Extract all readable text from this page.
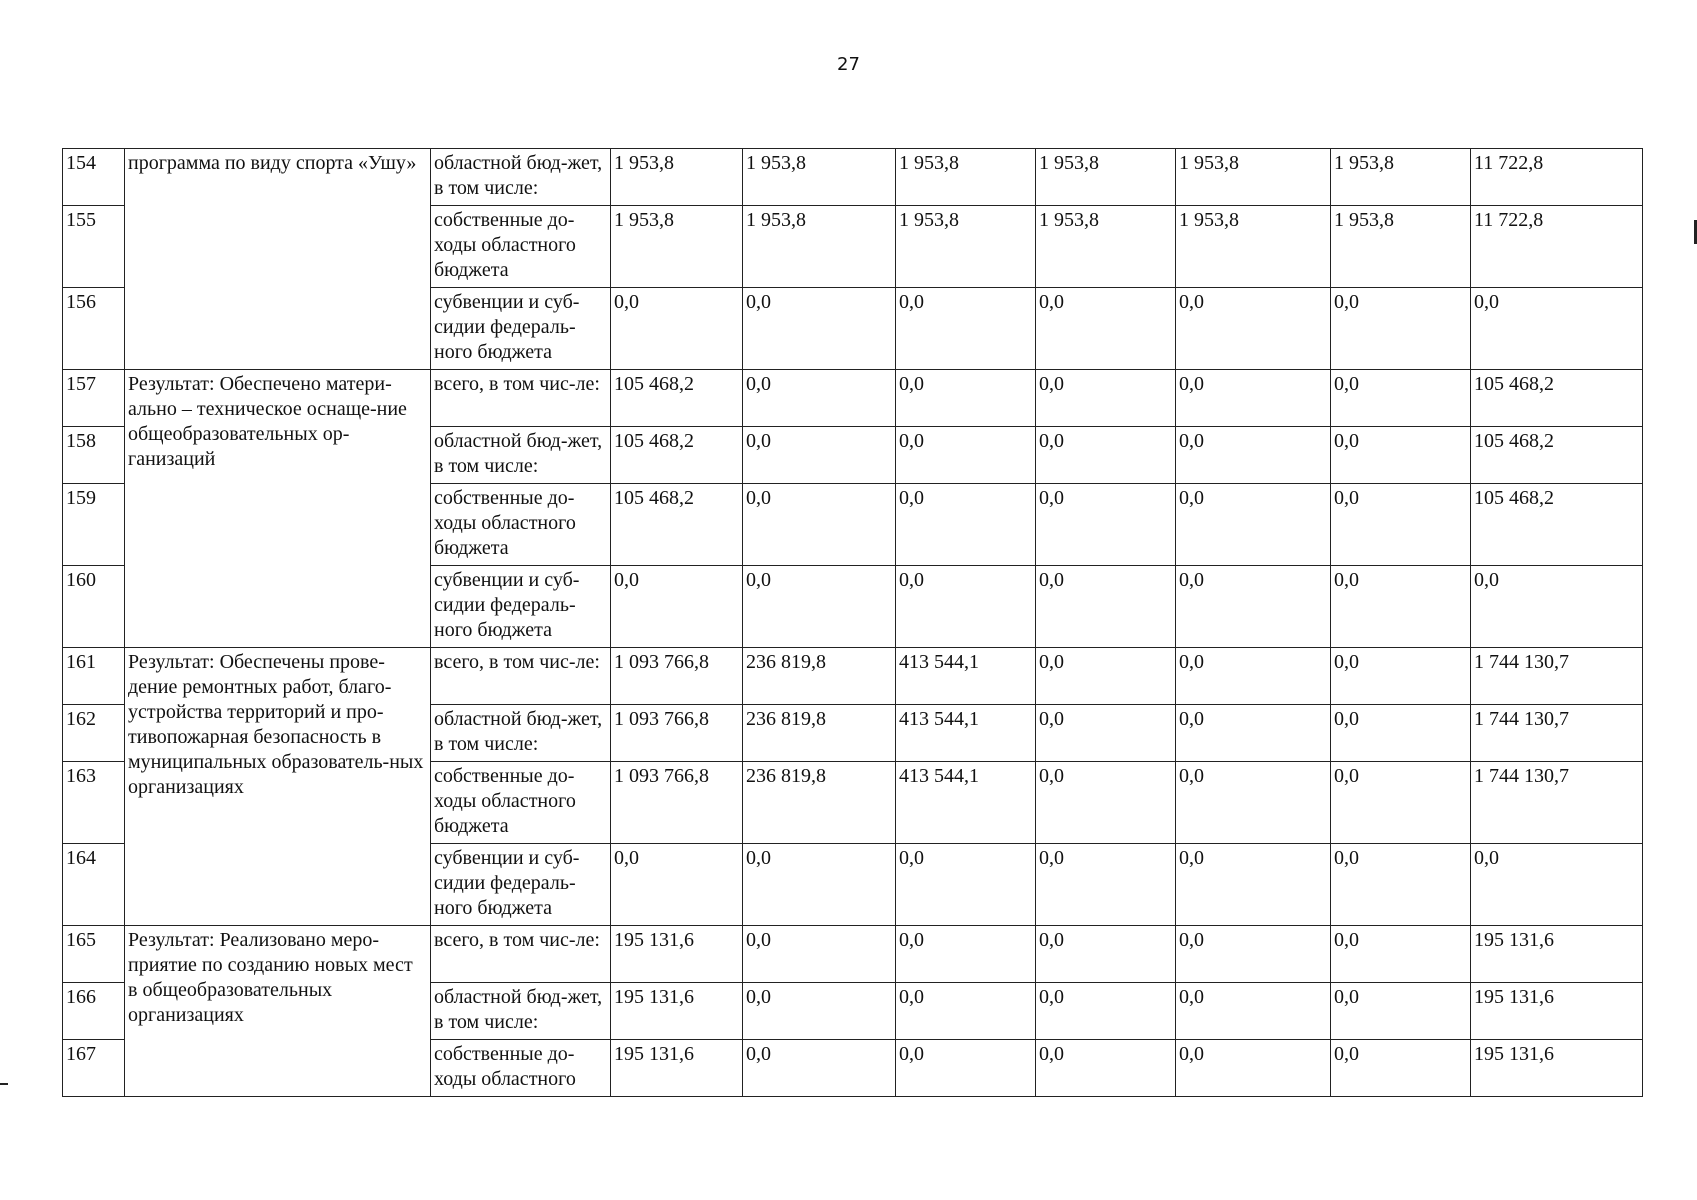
27
154	программа по виду спорта «Ушу»	областной бюд-жет, в том числе:	1 953,8	1 953,8	1 953,8	1 953,8	1 953,8	1 953,8	11 722,8
155		собственные до-ходы областного бюджета	1 953,8	1 953,8	1 953,8	1 953,8	1 953,8	1 953,8	11 722,8
156		субвенции и суб-сидии федераль-ного бюджета	0,0	0,0	0,0	0,0	0,0	0,0	0,0
157	Результат: Обеспечено матери-ально – техническое оснаще-ние общеобразовательных ор-ганизаций	всего, в том чис-ле:	105 468,2	0,0	0,0	0,0	0,0	0,0	105 468,2
158		областной бюд-жет, в том числе:	105 468,2	0,0	0,0	0,0	0,0	0,0	105 468,2
159		собственные до-ходы областного бюджета	105 468,2	0,0	0,0	0,0	0,0	0,0	105 468,2
160		субвенции и суб-сидии федераль-ного бюджета	0,0	0,0	0,0	0,0	0,0	0,0	0,0
161	Результат: Обеспечены прове-дение ремонтных работ, благо-устройства территорий и про-тивопожарная безопасность в муниципальных образователь-ных организациях	всего, в том чис-ле:	1 093 766,8	236 819,8	413 544,1	0,0	0,0	0,0	1 744 130,7
162		областной бюд-жет, в том числе:	1 093 766,8	236 819,8	413 544,1	0,0	0,0	0,0	1 744 130,7
163		собственные до-ходы областного бюджета	1 093 766,8	236 819,8	413 544,1	0,0	0,0	0,0	1 744 130,7
164		субвенции и суб-сидии федераль-ного бюджета	0,0	0,0	0,0	0,0	0,0	0,0	0,0
165	Результат: Реализовано меро-приятие по созданию новых мест в общеобразовательных организациях	всего, в том чис-ле:	195 131,6	0,0	0,0	0,0	0,0	0,0	195 131,6
166		областной бюд-жет, в том числе:	195 131,6	0,0	0,0	0,0	0,0	0,0	195 131,6
167		собственные до-ходы областного	195 131,6	0,0	0,0	0,0	0,0	0,0	195 131,6
